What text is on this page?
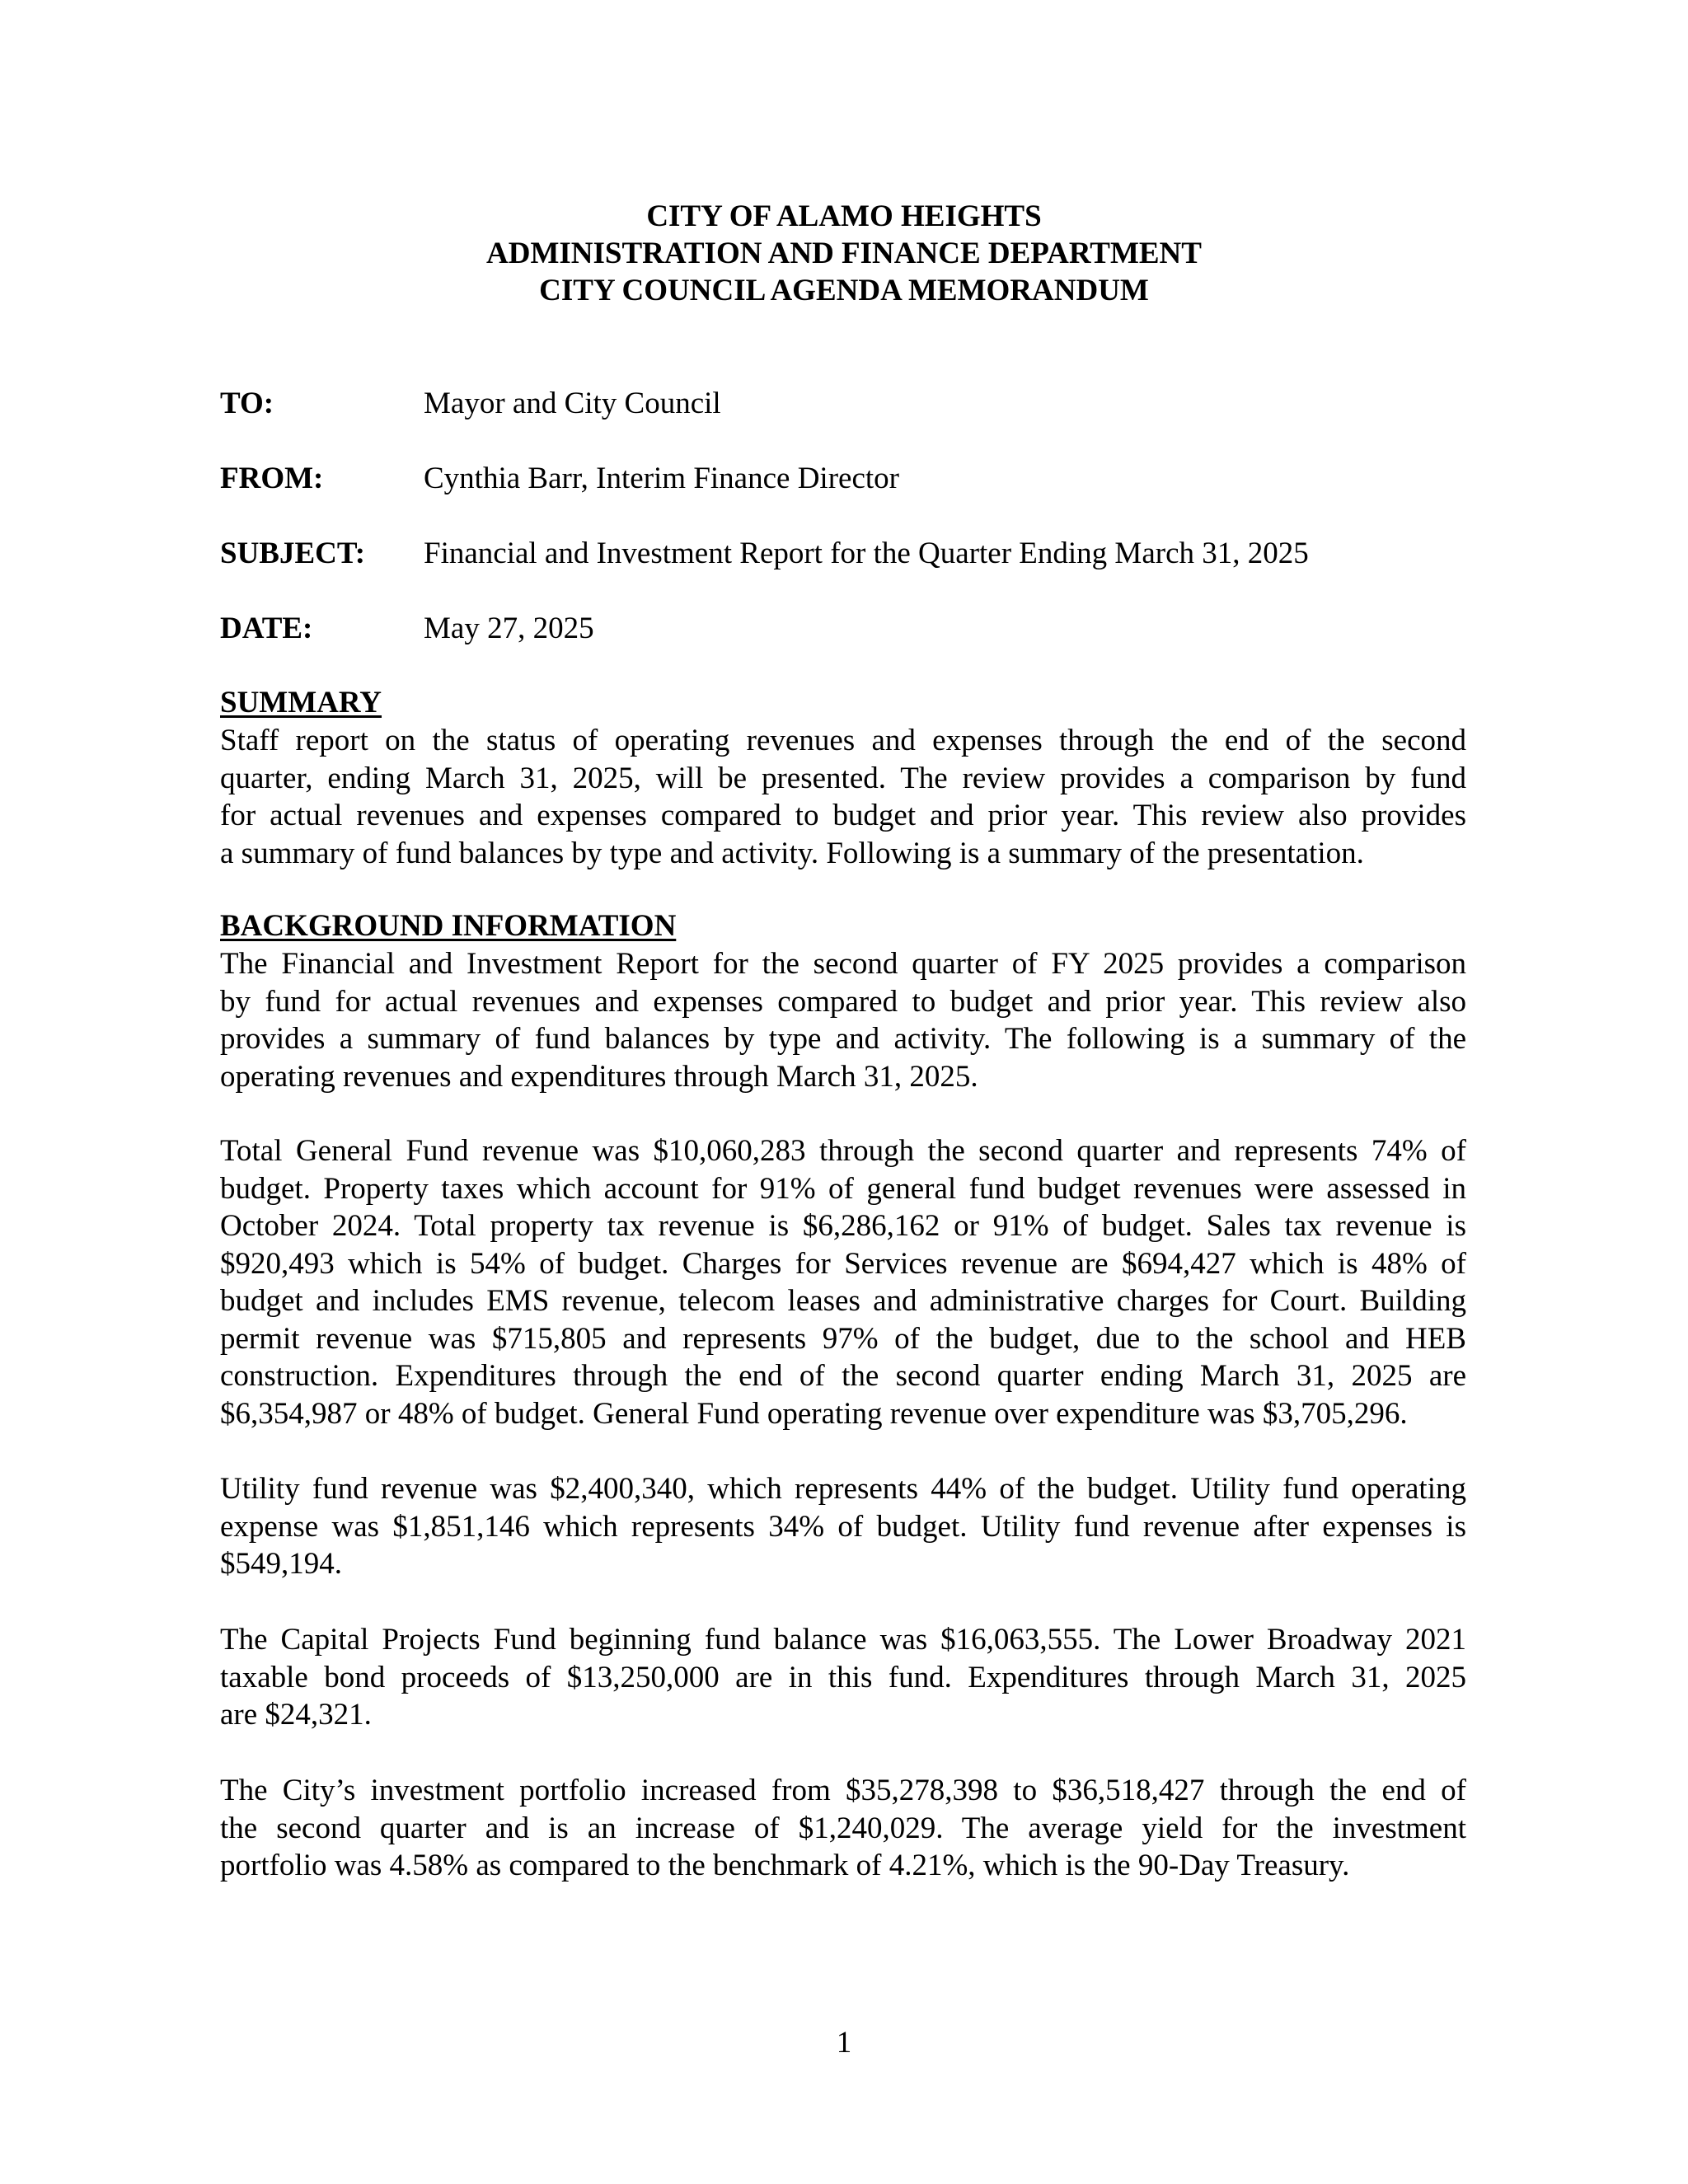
CITY OF ALAMO HEIGHTS
ADMINISTRATION AND FINANCE DEPARTMENT
CITY COUNCIL AGENDA MEMORANDUM
TO:	Mayor and City Council
FROM:	Cynthia Barr, Interim Finance Director
SUBJECT: Financial and Investment Report for the Quarter Ending March 31, 2025
DATE:	May 27, 2025
SUMMARY
Staff report on the status of operating revenues and expenses through the end of the second
quarter, ending March 31, 2025, will be presented. The review provides a comparison by fund
for actual revenues and expenses compared to budget and prior year. This review also provides
a summary of fund balances by type and activity. Following is a summary of the presentation.
BACKGROUND INFORMATION
The Financial and Investment Report for the second quarter of FY 2025 provides a comparison
by fund for actual revenues and expenses compared to budget and prior year. This review also
provides a summary of fund balances by type and activity. The following is a summary of the
operating revenues and expenditures through March 31, 2025.
Total General Fund revenue was $10,060,283 through the second quarter and represents 74% of
budget. Property taxes which account for 91% of general fund budget revenues were assessed in
October 2024. Total property tax revenue is $6,286,162 or 91% of budget. Sales tax revenue is
$920,493 which is 54% of budget. Charges for Services revenue are $694,427 which is 48% of
budget and includes EMS revenue, telecom leases and administrative charges for Court. Building
permit revenue was $715,805 and represents 97% of the budget, due to the school and HEB
construction. Expenditures through the end of the second quarter ending March 31, 2025 are
$6,354,987 or 48% of budget. General Fund operating revenue over expenditure was $3,705,296.
Utility fund revenue was $2,400,340, which represents 44% of the budget. Utility fund operating
expense was $1,851,146 which represents 34% of budget. Utility fund revenue after expenses is
$549,194.
The Capital Projects Fund beginning fund balance was $16,063,555. The Lower Broadway 2021
taxable bond proceeds of $13,250,000 are in this fund. Expenditures through March 31, 2025
are $24,321.
The City’s investment portfolio increased from $35,278,398 to $36,518,427 through the end of
the second quarter and is an increase of $1,240,029. The average yield for the investment
portfolio was 4.58% as compared to the benchmark of 4.21%, which is the 90-Day Treasury.
1
